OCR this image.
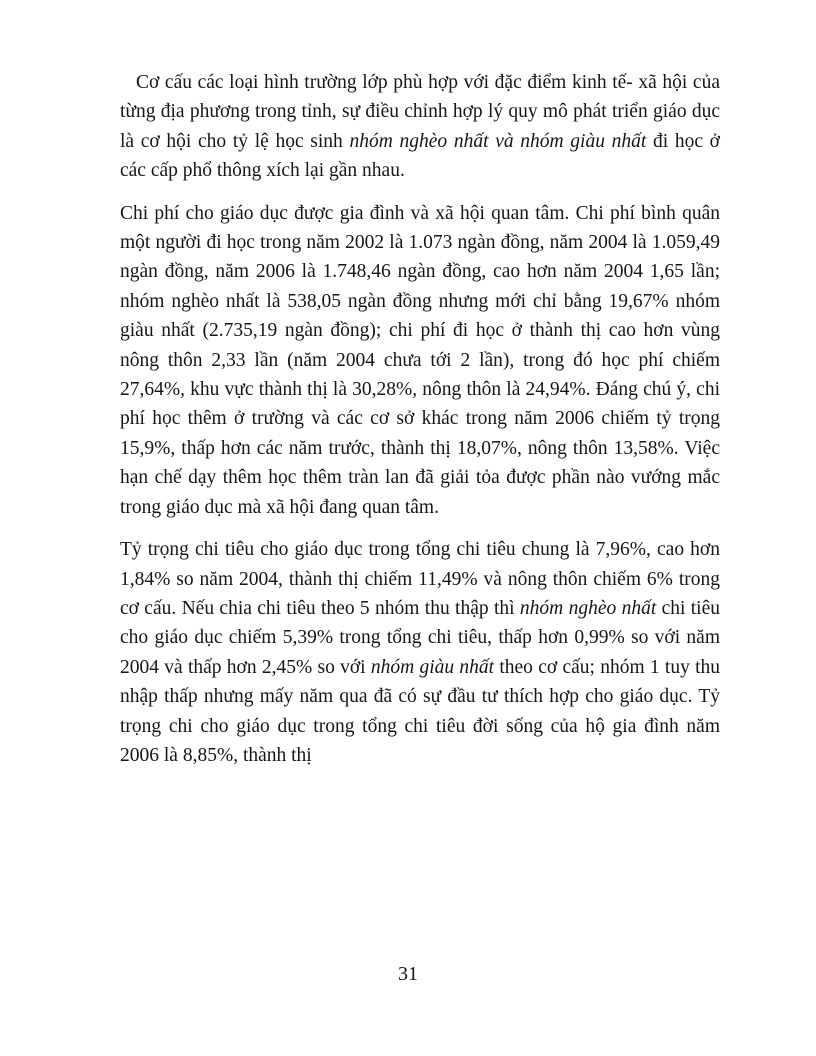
Cơ cấu các loại hình trường lớp phù hợp với đặc điểm kinh tế- xã hội của từng địa phương trong tỉnh, sự điều chỉnh hợp lý quy mô phát triển giáo dục là cơ hội cho tỷ lệ học sinh nhóm nghèo nhất và nhóm giàu nhất đi học ở các cấp phổ thông xích lại gần nhau.

Chi phí cho giáo dục được gia đình và xã hội quan tâm. Chi phí bình quân một người đi học trong năm 2002 là 1.073 ngàn đồng, năm 2004 là 1.059,49 ngàn đồng, năm 2006 là 1.748,46 ngàn đồng, cao hơn năm 2004 1,65 lần; nhóm nghèo nhất là 538,05 ngàn đồng nhưng mới chỉ bằng 19,67% nhóm giàu nhất (2.735,19 ngàn đồng); chi phí đi học ở thành thị cao hơn vùng nông thôn 2,33 lần (năm 2004 chưa tới 2 lần), trong đó học phí chiếm 27,64%, khu vực thành thị là 30,28%, nông thôn là 24,94%. Đáng chú ý, chi phí học thêm ở trường và các cơ sở khác trong năm 2006 chiếm tỷ trọng 15,9%, thấp hơn các năm trước, thành thị 18,07%, nông thôn 13,58%. Việc hạn chế dạy thêm học thêm tràn lan đã giải tỏa được phần nào vướng mắc trong giáo dục mà xã hội đang quan tâm.

Tỷ trọng chi tiêu cho giáo dục trong tổng chi tiêu chung là 7,96%, cao hơn 1,84% so năm 2004, thành thị chiếm 11,49% và nông thôn chiếm 6% trong cơ cấu. Nếu chia chi tiêu theo 5 nhóm thu thập thì nhóm nghèo nhất chi tiêu cho giáo dục chiếm 5,39% trong tổng chi tiêu, thấp hơn 0,99% so với năm 2004 và thấp hơn 2,45% so với nhóm giàu nhất theo cơ cấu; nhóm 1 tuy thu nhập thấp nhưng mấy năm qua đã có sự đầu tư thích hợp cho giáo dục. Tỷ trọng chi cho giáo dục trong tổng chi tiêu đời sống của hộ gia đình năm 2006 là 8,85%, thành thị

31
